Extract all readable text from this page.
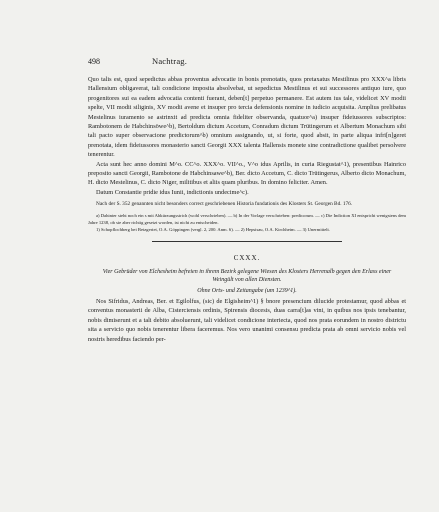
498	Nachtrag.

Quo talis est, quod sepedictus abbas proventus advocatie in bonis prenotatis, quos pretaxatus Mestilinus pro XXX^a libris Hallensium obligaverat, tali condicione imposita absolvebat, ut sepedictus Mestilinus et sui successores antiquo iure, quo progenitores sui ea eadem advocatia contenti fuerant, deben[t] perpetuo permanere. Est autem ius tale, videlicet XV modii spelte, VII modii siliginis, XV modii avene et insuper pro tercia defensionis nomine in iudicio acquisita. Amplius prelibatus Mestelinus iuramento se astrinxit ad predicta omnia fideliter observanda, quatuor^a) insuper fideiussores subscriptos: Rambotonem de Habchinsöwe^b), Bertoldum dictum Accetum, Conradum dictum Trütingerum et Albertum Monachum sibi tali pacto super observacione predictorum^b) omnium assignando, ut, si forte, quod absit, in parte aliqua infri[n]geret prenotata, idem fideiussores monasterio sancti Georgii XXX talenta Hallensis monete sine contradictione qualibet persolvere tenerentur.

Acta sunt hec anno domini M^o. CC^o. XXX^o. VII^o., V^o idus Aprilis, in curia Riegustat^1), presentibus Hainrico preposito sancti Georgii, Rambotone de Habchinsawe^b), Ber. dicto Accetum, C. dicto Trütingerus, Alberto dicto Monachum, H. dicto Mestelinus, C. dicto Niger, militibus et aliis quam pluribus. In domino feliciter. Amen.

Datum Constantie pridie idus Iunii, indictionis undecime^c).

Nach der S. 352 genannten nicht besonders correct geschriebenen Historia fundationis des Klosters St. Georgen Bd. 176.
a) Dahinter steht noch ein s mit Abkürzungsstrich (wohl verschrieben). — b) In der Vorlage verschrieben: predicorum. — c) Die Indiction XI entspricht wenigstens dem Jahre 1238, ob sie aber richtig gesetzt worden, ist nicht zu entscheiden.
1) Schopflochberg bei Betzgeriet, O.A. Göppingen (vergl. 2, 200. Anm. 6). — 2) Hepsisau, O.A. Kirchheim. — 3) Unermittelt.
CXXX.
Vier Gebrüder von Elchesheim befreien in ihrem Bezirk gelegene Wiesen des Klosters Herrenalb gegen den Erlass einer Weingült von allen Diensten.
Ohne Orts- und Zeitangabe (um 1239^1).

Nos Sifridus, Andreas, Ber. et Egilolfus, (sic) de Elgisheim^1) § bnore presencium dilucide protestamur, quod abbas et conventus monasterii de Alba, Cisterciensis ordinis, Spirensis diocesis, duas carra[t]as vini, in quibus nos ipsis tenebantur, nobis dimiserunt et a tali debito absoluerunt, tali videlicet condicione interiecta, quod nos prata eorundem in nostro districtu sita a servicio quo nobis tenerentur libera faceremus. Nos vero unanimi consensu predicta prata ab omni servicio nobis vel nostris heredibus faciendo per-
